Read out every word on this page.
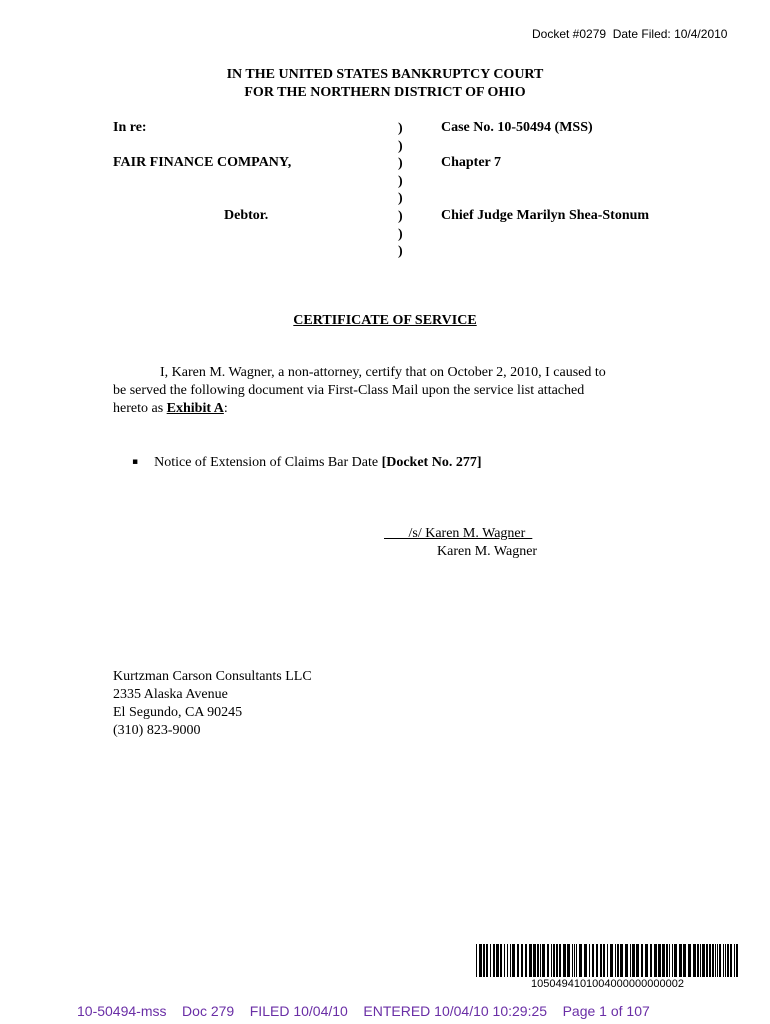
Docket #0279  Date Filed: 10/4/2010
IN THE UNITED STATES BANKRUPTCY COURT
FOR THE NORTHERN DISTRICT OF OHIO
In re:
FAIR FINANCE COMPANY,
Debtor.
)
)
)
)
)
)
)
)
Case No. 10-50494 (MSS)
Chapter 7
Chief Judge Marilyn Shea-Stonum
CERTIFICATE OF SERVICE
I, Karen M. Wagner, a non-attorney, certify that on October 2, 2010, I caused to
be served the following document via First-Class Mail upon the service list attached
hereto as Exhibit A:
▪ Notice of Extension of Claims Bar Date [Docket No. 277]
/s/ Karen M. Wagner
Karen M. Wagner
Kurtzman Carson Consultants LLC
2335 Alaska Avenue
El Segundo, CA 90245
(310) 823-9000
1050494101004000000000002
10-50494-mss    Doc 279    FILED 10/04/10    ENTERED 10/04/10 10:29:25    Page 1 of 107
